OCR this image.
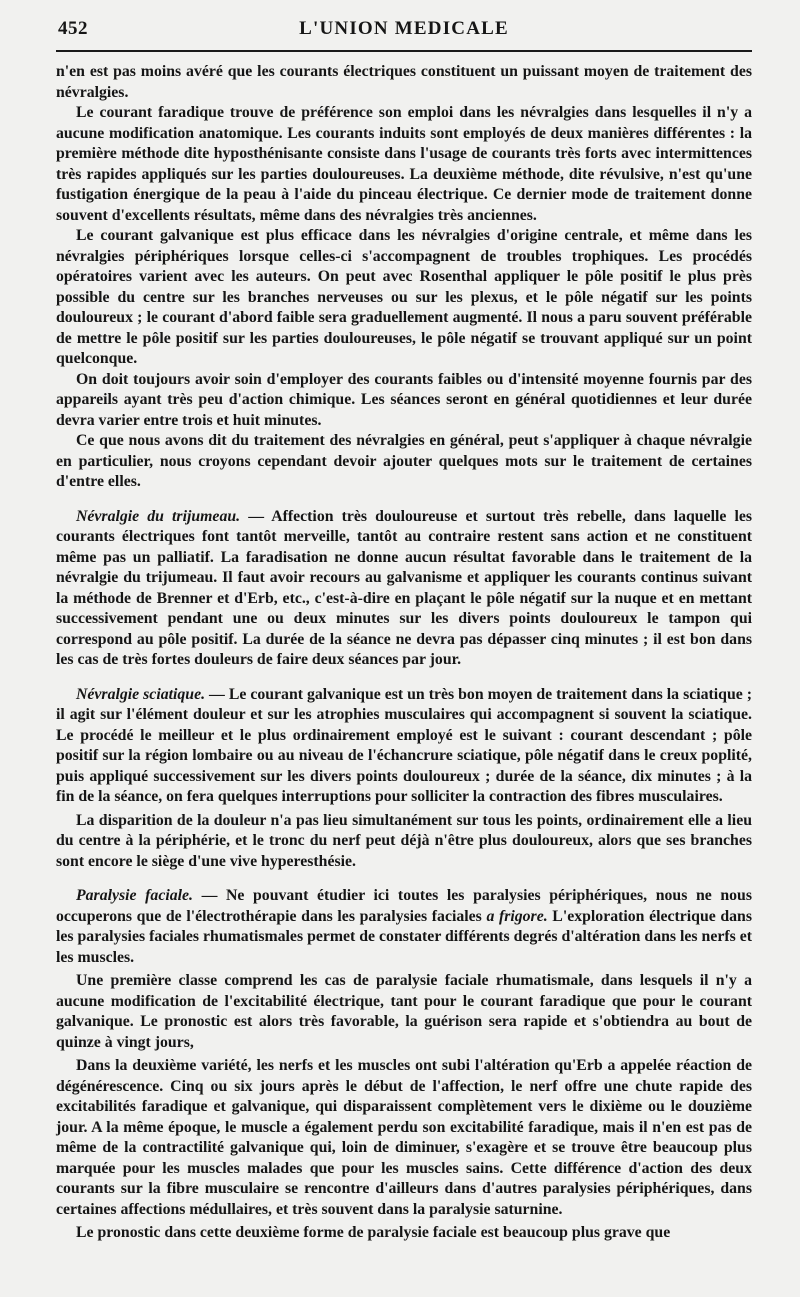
452	L'UNION MEDICALE

n'en est pas moins avéré que les courants électriques constituent un puissant moyen de traitement des névralgies.

Le courant faradique trouve de préférence son emploi dans les névralgies dans lesquelles il n'y a aucune modification anatomique. Les courants induits sont employés de deux manières différentes : la première méthode dite hyposthénisante consiste dans l'usage de courants très forts avec intermittences très rapides appliqués sur les parties douloureuses. La deuxième méthode, dite révulsive, n'est qu'une fustigation énergique de la peau à l'aide du pinceau électrique. Ce dernier mode de traitement donne souvent d'excellents résultats, même dans des névralgies très anciennes.

Le courant galvanique est plus efficace dans les névralgies d'origine centrale, et même dans les névralgies périphériques lorsque celles-ci s'accompagnent de troubles trophiques. Les procédés opératoires varient avec les auteurs. On peut avec Rosenthal appliquer le pôle positif le plus près possible du centre sur les branches nerveuses ou sur les plexus, et le pôle négatif sur les points douloureux ; le courant d'abord faible sera graduellement augmenté. Il nous a paru souvent préférable de mettre le pôle positif sur les parties douloureuses, le pôle négatif se trouvant appliqué sur un point quelconque.

On doit toujours avoir soin d'employer des courants faibles ou d'intensité moyenne fournis par des appareils ayant très peu d'action chimique. Les séances seront en général quotidiennes et leur durée devra varier entre trois et huit minutes.

Ce que nous avons dit du traitement des névralgies en général, peut s'appliquer à chaque névralgie en particulier, nous croyons cependant devoir ajouter quelques mots sur le traitement de certaines d'entre elles.

Névralgie du trijumeau. — Affection très douloureuse et surtout très rebelle, dans laquelle les courants électriques font tantôt merveille, tantôt au contraire restent sans action et ne constituent même pas un palliatif. La faradisation ne donne aucun résultat favorable dans le traitement de la névralgie du trijumeau. Il faut avoir recours au galvanisme et appliquer les courants continus suivant la méthode de Brenner et d'Erb, etc., c'est-à-dire en plaçant le pôle négatif sur la nuque et en mettant successivement pendant une ou deux minutes sur les divers points douloureux le tampon qui correspond au pôle positif. La durée de la séance ne devra pas dépasser cinq minutes ; il est bon dans les cas de très fortes douleurs de faire deux séances par jour.

Névralgie sciatique. — Le courant galvanique est un très bon moyen de traitement dans la sciatique ; il agit sur l'élément douleur et sur les atrophies musculaires qui accompagnent si souvent la sciatique. Le procédé le meilleur et le plus ordinairement employé est le suivant : courant descendant ; pôle positif sur la région lombaire ou au niveau de l'échancrure sciatique, pôle négatif dans le creux poplité, puis appliqué successivement sur les divers points douloureux ; durée de la séance, dix minutes ; à la fin de la séance, on fera quelques interruptions pour solliciter la contraction des fibres musculaires.

La disparition de la douleur n'a pas lieu simultanément sur tous les points, ordinairement elle a lieu du centre à la périphérie, et le tronc du nerf peut déjà n'être plus douloureux, alors que ses branches sont encore le siège d'une vive hyperesthésie.

Paralysie faciale. — Ne pouvant étudier ici toutes les paralysies périphériques, nous ne nous occuperons que de l'électrothérapie dans les paralysies faciales a frigore. L'exploration électrique dans les paralysies faciales rhumatismales permet de constater différents degrés d'altération dans les nerfs et les muscles.

Une première classe comprend les cas de paralysie faciale rhumatismale, dans lesquels il n'y a aucune modification de l'excitabilité électrique, tant pour le courant faradique que pour le courant galvanique. Le pronostic est alors très favorable, la guérison sera rapide et s'obtiendra au bout de quinze à vingt jours,

Dans la deuxième variété, les nerfs et les muscles ont subi l'altération qu'Erb a appelée réaction de dégénérescence. Cinq ou six jours après le début de l'affection, le nerf offre une chute rapide des excitabilités faradique et galvanique, qui disparaissent complètement vers le dixième ou le douzième jour. A la même époque, le muscle a également perdu son excitabilité faradique, mais il n'en est pas de même de la contractilité galvanique qui, loin de diminuer, s'exagère et se trouve être beaucoup plus marquée pour les muscles malades que pour les muscles sains. Cette différence d'action des deux courants sur la fibre musculaire se rencontre d'ailleurs dans d'autres paralysies périphériques, dans certaines affections médullaires, et très souvent dans la paralysie saturnine.

Le pronostic dans cette deuxième forme de paralysie faciale est beaucoup plus grave que
